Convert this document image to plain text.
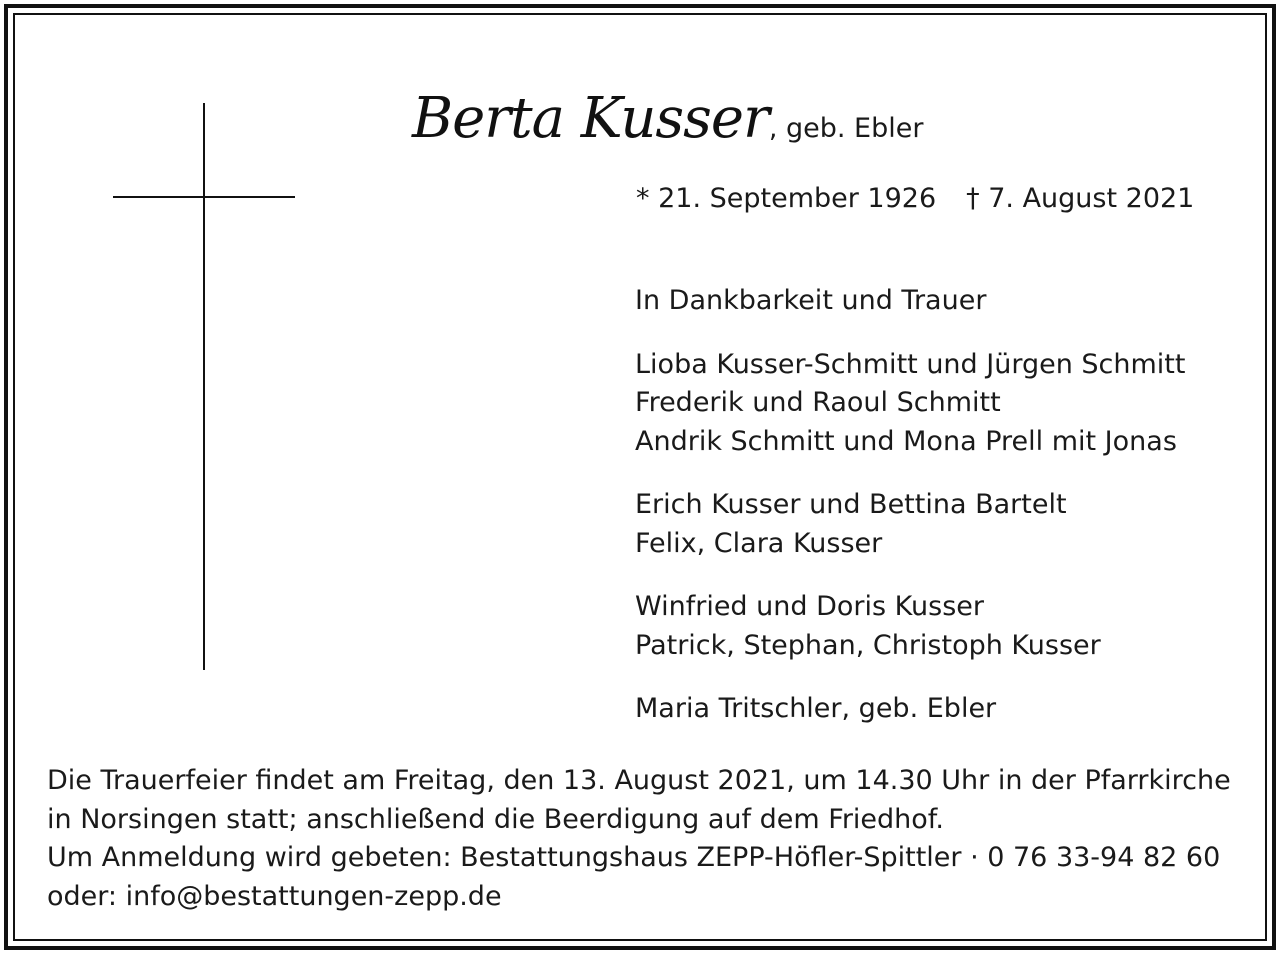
Berta Kusser, geb. Ebler
* 21. September 1926 † 7. August 2021
In Dankbarkeit und Trauer
Lioba Kusser-Schmitt und Jürgen Schmitt
Frederik und Raoul Schmitt
Andrik Schmitt und Mona Prell mit Jonas
Erich Kusser und Bettina Bartelt
Felix, Clara Kusser
Winfried und Doris Kusser
Patrick, Stephan, Christoph Kusser
Maria Tritschler, geb. Ebler
Die Trauerfeier findet am Freitag, den 13. August 2021, um 14.30 Uhr in der Pfarrkirche
in Norsingen statt; anschließend die Beerdigung auf dem Friedhof.
Um Anmeldung wird gebeten: Bestattungshaus ZEPP-Höfler-Spittler · 0 76 33-94 82 60
oder: info@bestattungen-zepp.de
